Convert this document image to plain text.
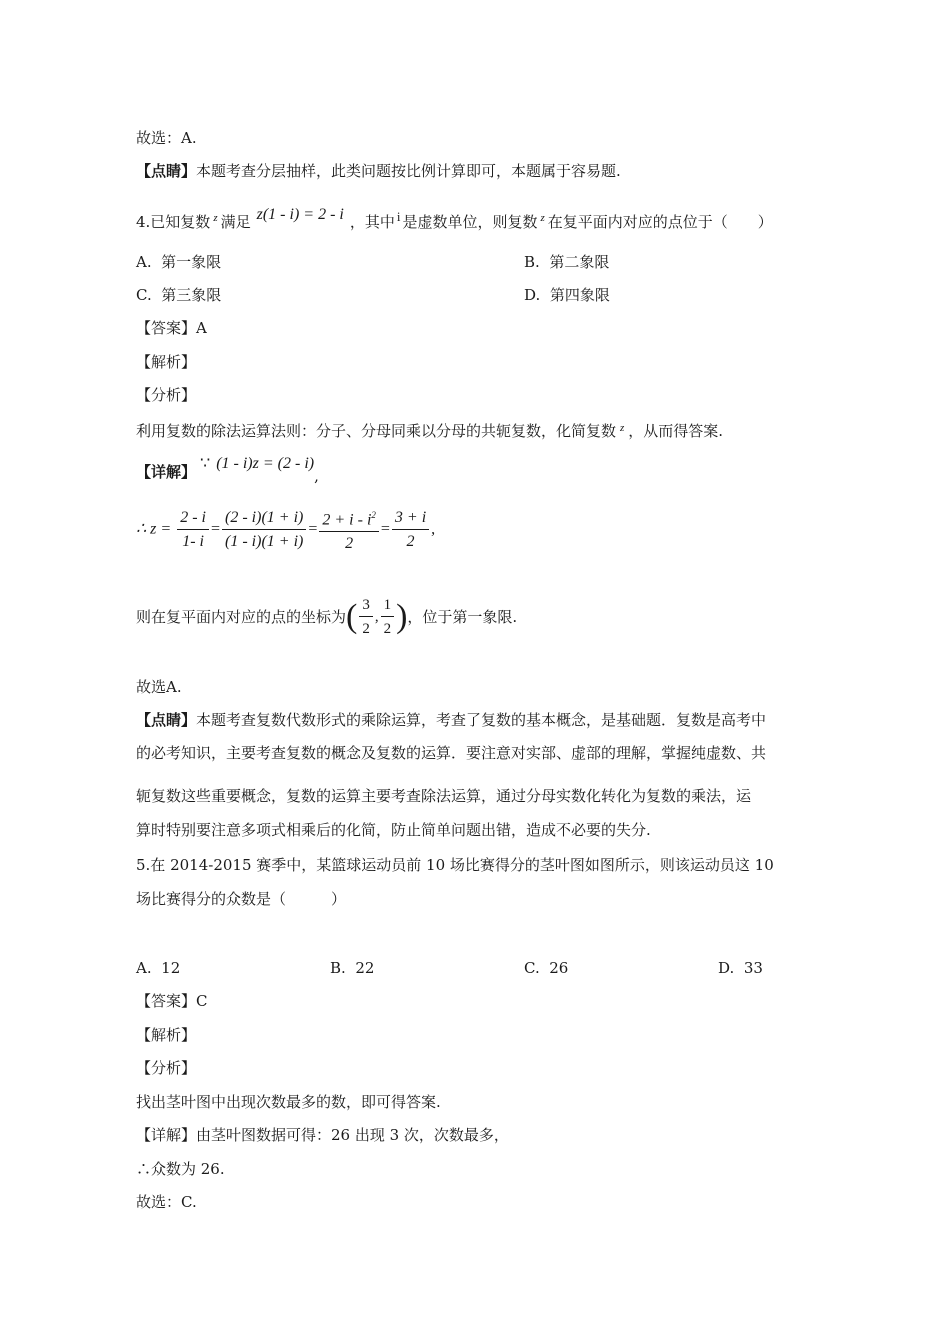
故选：A.
【点睛】本题考查分层抽样，此类问题按比例计算即可，本题属于容易题.
4.已知复数 $^z$ 满足 z(1 - i) = 2 - i ，其中 i 是虚数单位，则复数 $^z$ 在复平面内对应的点位于（　　）
A. 第一象限	B. 第二象限
C. 第三象限	D. 第四象限
【答案】A
【解析】
【分析】
利用复数的除法运算法则：分子、分母同乘以分母的共轭复数，化简复数 $^z$ ，从而得答案.
【详解】 ∵ (1 - i)z = (2 - i),
∴ $z = \frac{2 - i}{1- i} = \frac{(2 - i)(1 + i)}{(1 - i)(1 + i)} = \frac{2 + i - i^2}{2} = \frac{3 + i}{2}$ ,
则在复平面内对应的点的坐标为( $\frac{3}{2}$ , $\frac{1}{2}$ )，位于第一象限.
故选A.
【点睛】本题考查复数代数形式的乘除运算，考查了复数的基本概念，是基础题．复数是高考中
的必考知识，主要考查复数的概念及复数的运算．要注意对实部、虚部的理解，掌握纯虚数、共
轭复数这些重要概念，复数的运算主要考查除法运算，通过分母实数化转化为复数的乘法，运
算时特别要注意多项式相乘后的化简，防止简单问题出错，造成不必要的失分.
5.在 2014-2015 赛季中，某篮球运动员前 10 场比赛得分的茎叶图如图所示，则该运动员这 10
场比赛得分的众数是（　　　）
A. 12	B. 22	C. 26	D. 33
【答案】C
【解析】
【分析】
找出茎叶图中出现次数最多的数，即可得答案.
【详解】由茎叶图数据可得：26 出现 3 次，次数最多，
∴众数为 26.
故选：C.
